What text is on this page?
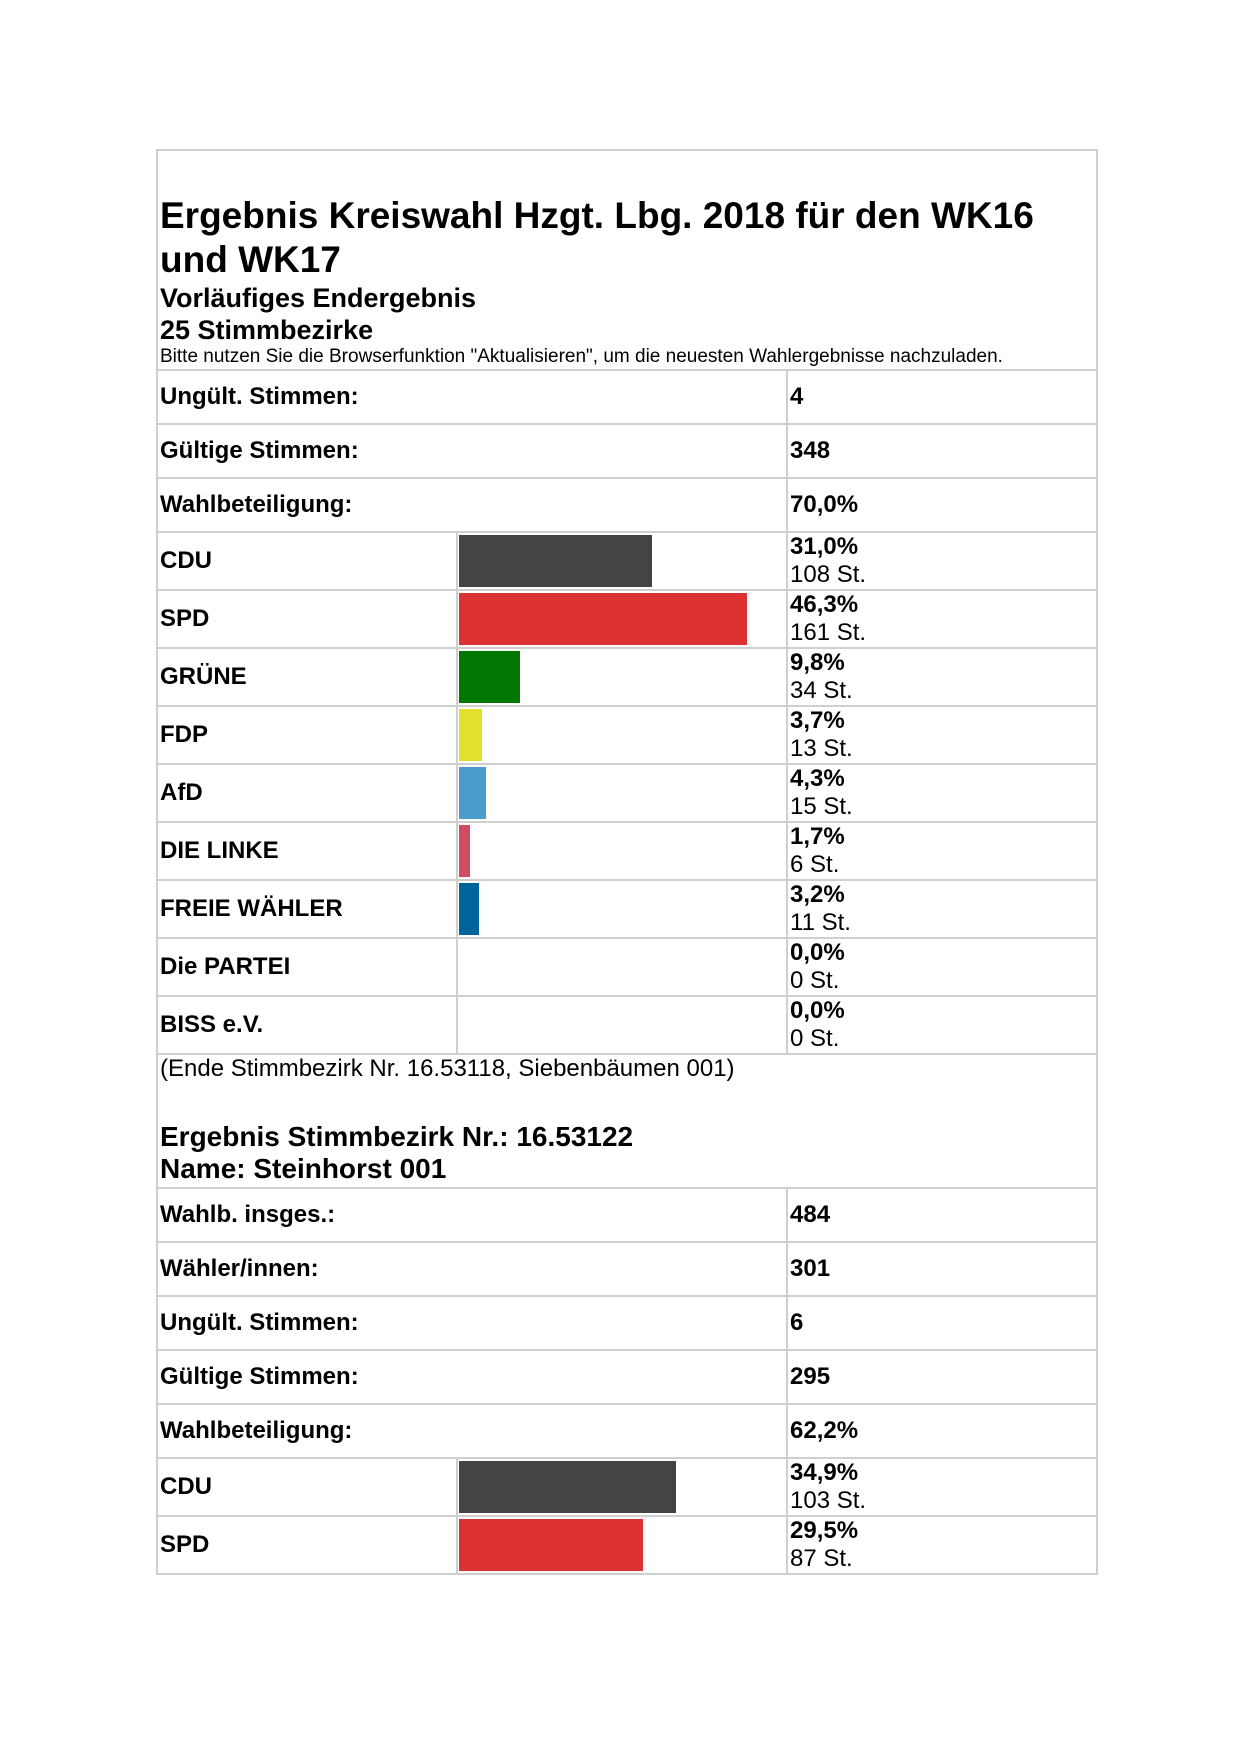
Ergebnis Kreiswahl Hzgt. Lbg. 2018 für den WK16 und WK17
Vorläufiges Endergebnis
25 Stimmbezirke
Bitte nutzen Sie die Browserfunktion "Aktualisieren", um die neuesten Wahlergebnisse nachzuladen.		

Ungült. Stimmen:		4
Gültige Stimmen:		348
Wahlbeteiligung:		70,0%
CDU		31,0%
108 St.

SPD		46,3%
161 St.

GRÜNE		9,8%
34 St.

FDP		3,7%
13 St.

AfD		4,3%
15 St.

DIE LINKE		1,7%
6 St.

FREIE WÄHLER		3,2%
11 St.

Die PARTEI		0,0%
0 St.

BISS e.V.		0,0%
0 St.

(Ende Stimmbezirk Nr. 16.53118, Siebenbäumen 001)
Ergebnis Stimmbezirk Nr.: 16.53122
Name: Steinhorst 001		

Wahlb. insges.:		484
Wähler/innen:		301
Ungült. Stimmen:		6
Gültige Stimmen:		295
Wahlbeteiligung:		62,2%
CDU		34,9%
103 St.

SPD		29,5%
87 St.
